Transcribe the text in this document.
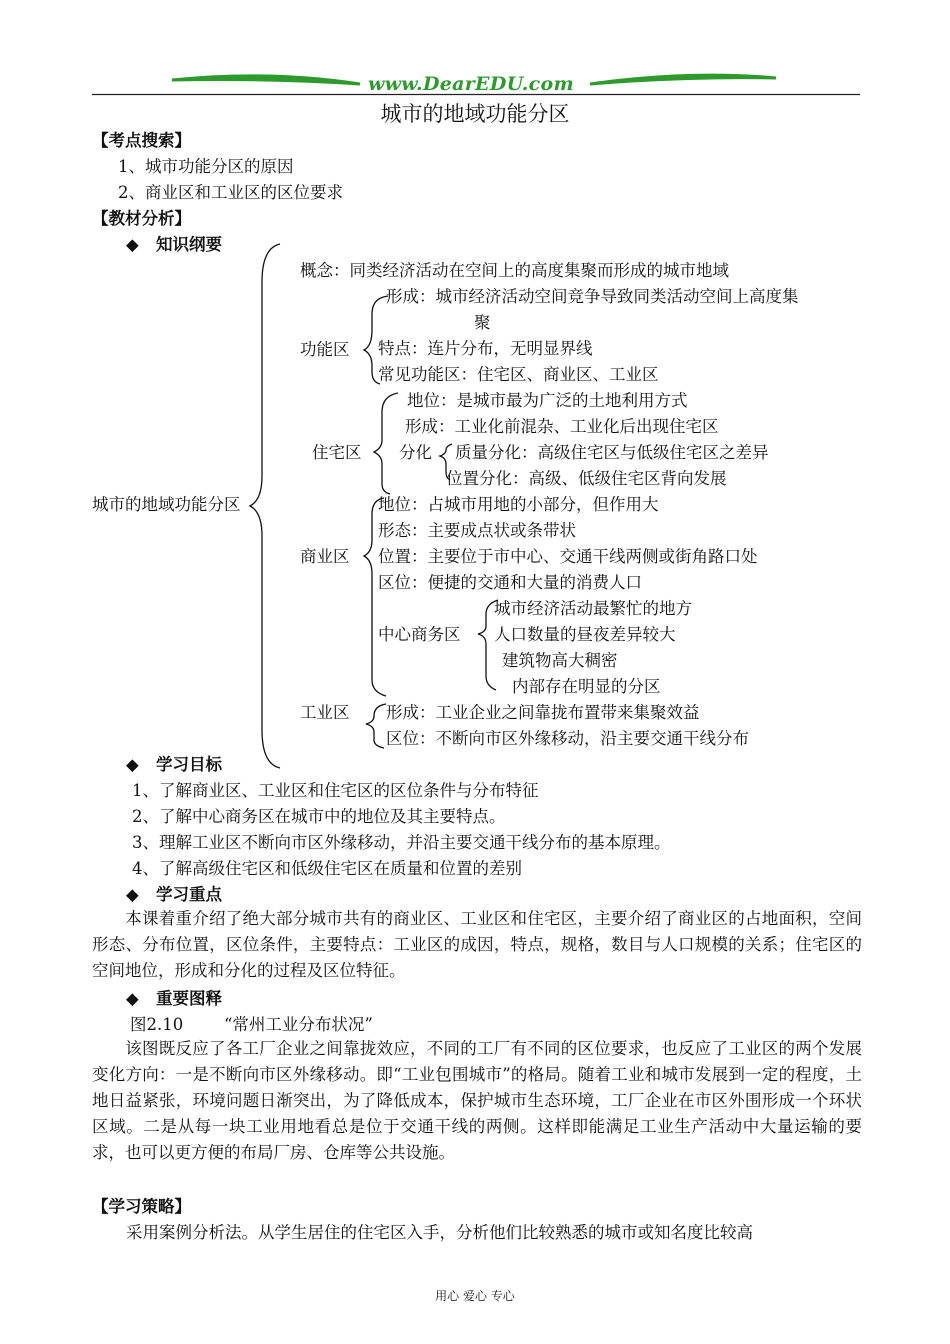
www.DearEDU.com
城市的地域功能分区
【考点搜索】
1、城市功能分区的原因
2、商业区和工业区的区位要求
【教材分析】
◆ 知识纲要
城市的地域功能分区
概念：同类经济活动在空间上的高度集聚而形成的城市地域
功能区
形成：城市经济活动空间竞争导致同类活动空间上高度集
聚
特点：连片分布，无明显界线
常见功能区：住宅区、商业区、工业区
住宅区
地位：是城市最为广泛的土地利用方式
形成：工业化前混杂、工业化后出现住宅区
分化 质量分化：高级住宅区与低级住宅区之差异
位置分化：高级、低级住宅区背向发展
商业区
地位：占城市用地的小部分，但作用大
形态：主要成点状或条带状
位置：主要位于市中心、交通干线两侧或街角路口处
区位：便捷的交通和大量的消费人口
中心商务区
城市经济活动最繁忙的地方
人口数量的昼夜差异较大
建筑物高大稠密
内部存在明显的分区
工业区 形成：工业企业之间靠拢布置带来集聚效益
区位：不断向市区外缘移动，沿主要交通干线分布
◆ 学习目标
1、了解商业区、工业区和住宅区的区位条件与分布特征
2、了解中心商务区在城市中的地位及其主要特点。
3、理解工业区不断向市区外缘移动，并沿主要交通干线分布的基本原理。
4、了解高级住宅区和低级住宅区在质量和位置的差别
◆ 学习重点
本课着重介绍了绝大部分城市共有的商业区、工业区和住宅区，主要介绍了商业区的占地面积，空间形态、分布位置，区位条件，主要特点：工业区的成因，特点，规格，数目与人口规模的关系；住宅区的空间地位，形成和分化的过程及区位特征。
◆ 重要图释
图2.10 “常州工业分布状况”
该图既反应了各工厂企业之间靠拢效应，不同的工厂有不同的区位要求，也反应了工业区的两个发展变化方向：一是不断向市区外缘移动。即“工业包围城市”的格局。随着工业和城市发展到一定的程度，土地日益紧张，环境问题日渐突出，为了降低成本，保护城市生态环境，工厂企业在市区外围形成一个环状区域。二是从每一块工业用地看总是位于交通干线的两侧。这样即能满足工业生产活动中大量运输的要求，也可以更方便的布局厂房、仓库等公共设施。
【学习策略】
采用案例分析法。从学生居住的住宅区入手，分析他们比较熟悉的城市或知名度比较高
用心 爱心 专心
